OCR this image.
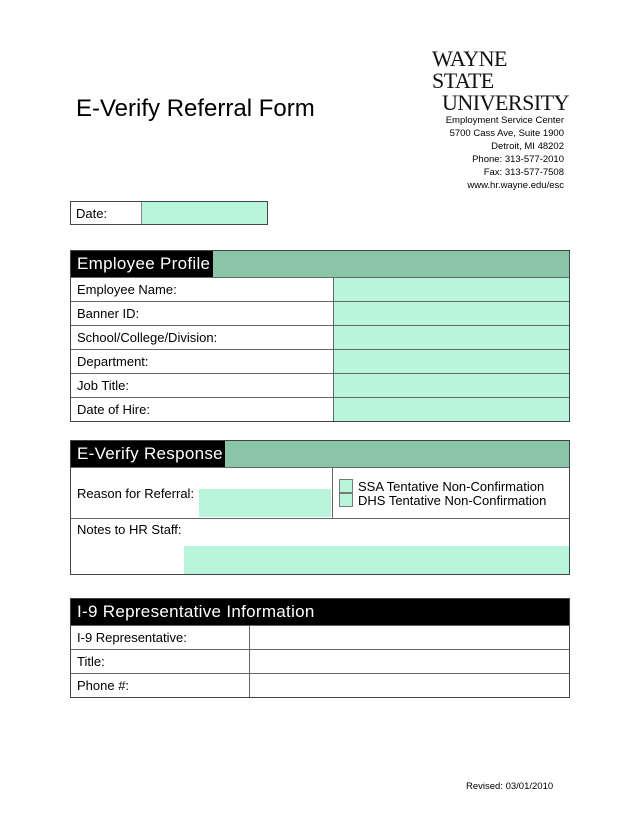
WAYNE STATE
UNIVERSITY
E-Verify Referral Form	Employment Service Center
5700 Cass Ave, Suite 1900
Detroit, MI 48202
Phone: 313-577-2010
Fax: 313-577-7508
www.hr.wayne.edu/esc
Date:
Employee Profile
Employee Name:
Banner ID:
School/College/Division:
Department:
Job Title:
Date of Hire:
E-Verify Response
Reason for Referral:	SSA Tentative Non-Confirmation
DHS Tentative Non-Confirmation
Notes to HR Staff:
I-9 Representative Information
I-9 Representative:
Title:
Phone #:
Revised: 03/01/2010
